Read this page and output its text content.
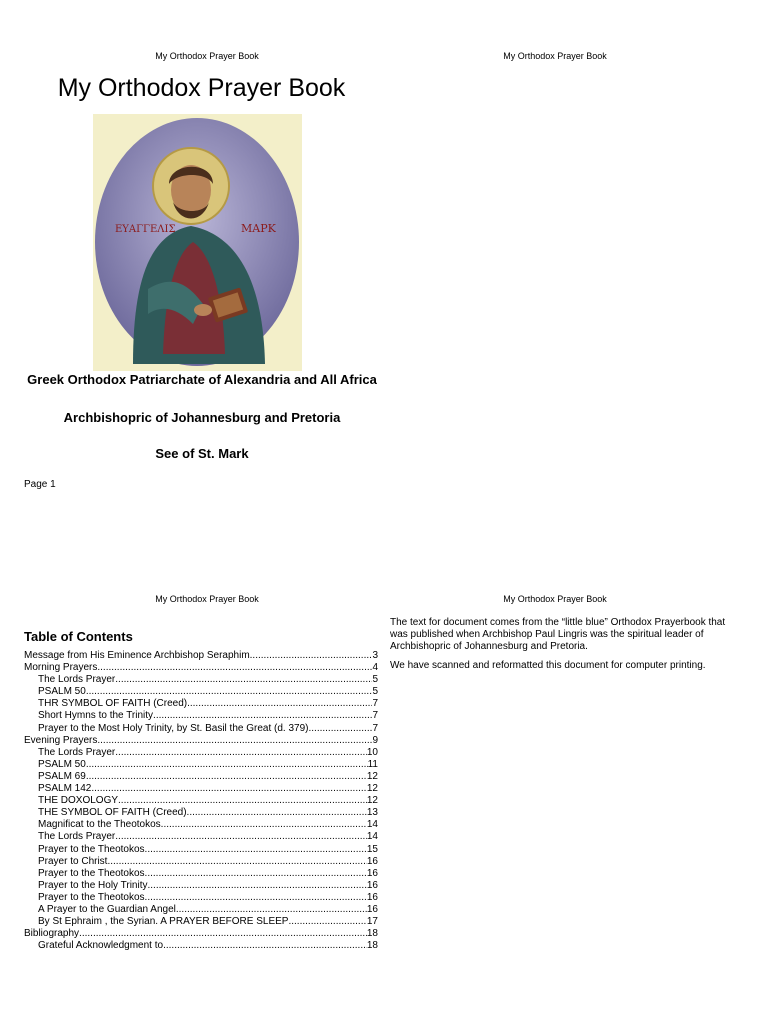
My Orthodox Prayer Book	My Orthodox Prayer Book
My Orthodox Prayer Book	My Orthodox Prayer Book
My Orthodox Prayer Book
ΕΥΑΓΓΕΛΙΣ	ΜΑΡΚ
Greek Orthodox Patriarchate of Alexandria and All Africa
Archbishopric of Johannesburg and Pretoria
See of St. Mark
Page 1
Table of Contents
Message from His Eminence Archbishop Seraphim .....	3
Morning Prayers .....	4
The Lords Prayer .....	5
PSALM 50 .....	5
THR SYMBOL OF FAITH (Creed) .....	7
Short Hymns to the Trinity .....	7
Prayer to the Most Holy Trinity, by St. Basil the Great (d. 379) .....	7
Evening Prayers .....	9
The Lords Prayer .....	10
PSALM 50 .....	11
PSALM 69 .....	12
PSALM 142 .....	12
THE DOXOLOGY .....	12
THE SYMBOL OF FAITH (Creed) .....	13
Magnificat to the Theotokos .....	14
The Lords Prayer .....	14
Prayer to the Theotokos .....	15
Prayer to Christ .....	16
Prayer to the Theotokos .....	16
Prayer to the Holy Trinity .....	16
Prayer to the Theotokos .....	16
A Prayer to the Guardian Angel .....	16
By St Ephraim , the Syrian. A PRAYER BEFORE SLEEP .....	17
Bibliography .....	18
Grateful Acknowledgment to .....	18
The text for document comes from the “little blue” Orthodox Prayerbook that was published when Archbishop Paul Lingris was the spiritual leader of Archbishopric of Johannesburg and Pretoria.
We have scanned and reformatted this document for computer printing.
